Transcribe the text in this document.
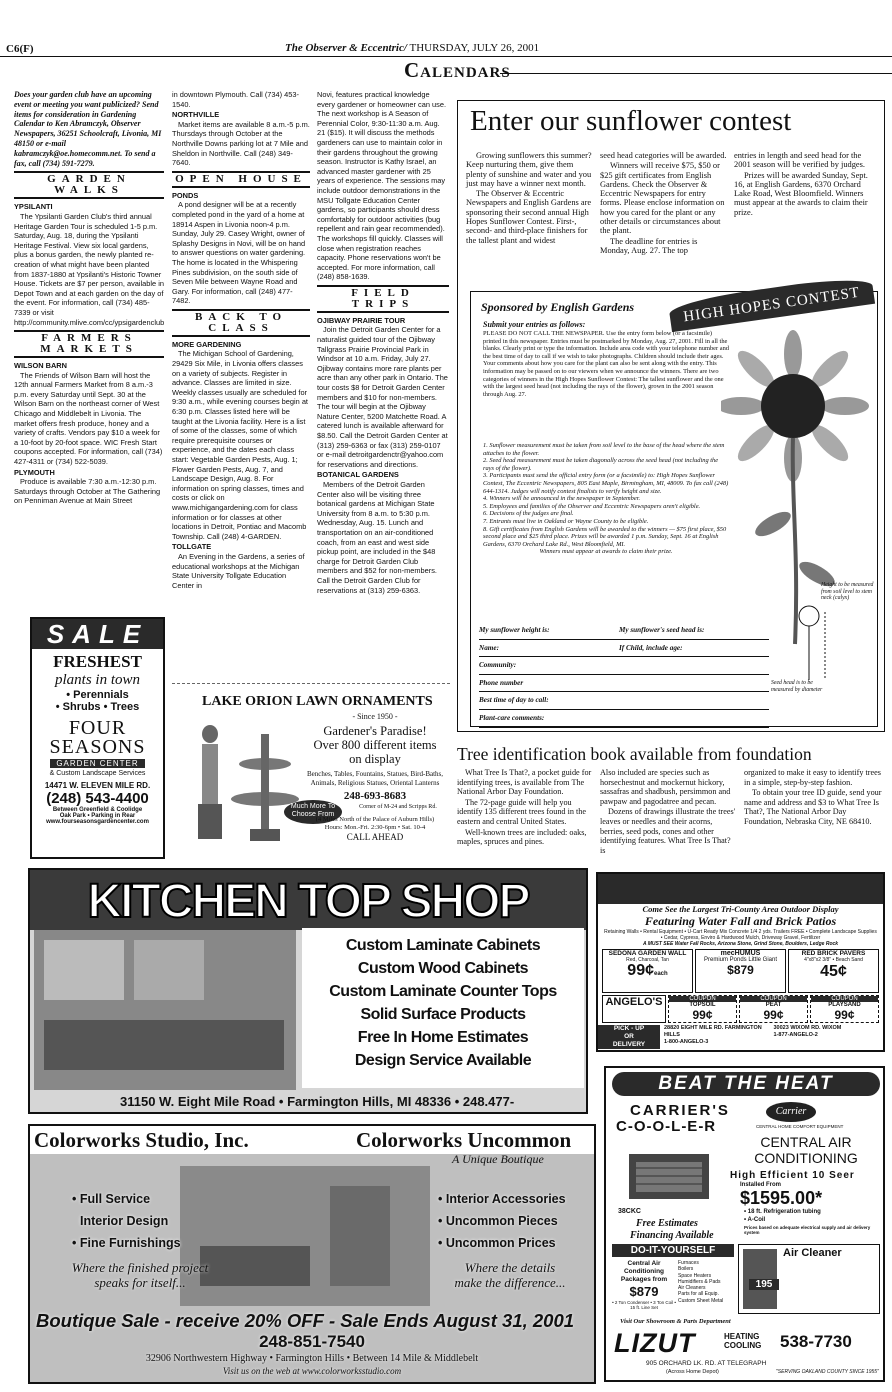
C6(F)	The Observer & Eccentric/ THURSDAY, JULY 26, 2001
Calendars

Does your garden club have an upcoming event or meeting you want publicized? Send items for consideration in Gardening Calendar to Ken Abramczyk, Observer Newspapers, 36251 Schoolcraft, Livonia, MI 48150 or e-mail kabramczyk@oe.homecomm.net. To send a fax, call (734) 591-7279.

GARDEN WALKS
YPSILANTI

The Ypsilanti Garden Club's third annual Heritage Garden Tour is scheduled 1-5 p.m. Saturday, Aug. 18, during the Ypsilanti Heritage Festival. View six local gardens, plus a bonus garden, the newly planted re-creation of what might have been planted from 1837-1880 at Ypsilanti's Historic Towner House. Tickets are $7 per person, available in Depot Town and at each garden on the day of the event. For information, call (734) 485-7339 or visit http://community.mlive.com/cc/ypsigardenclub

FARMERS MARKETS
WILSON BARN

The Friends of Wilson Barn will host the 12th annual Farmers Market from 8 a.m.-3 p.m. every Saturday until Sept. 30 at the Wilson Barn on the northeast corner of West Chicago and Middlebelt in Livonia. The market offers fresh produce, honey and a variety of crafts. Vendors pay $10 a week for a 10-foot by 20-foot space. WIC Fresh Start coupons accepted. For information, call (734) 427-4311 or (734) 522-5039.

PLYMOUTH

Produce is available 7:30 a.m.-12:30 p.m. Saturdays through October at The Gathering on Penniman Avenue at Main Street

SALE
FRESHEST
plants in town
• Perennials
• Shrubs • Trees
FOUR
SEASONS
GARDEN CENTER
& Custom Landscape Services
14471 W. ELEVEN MILE RD.
(248) 543-4400
Between Greenfield & Coolidge
Oak Park • Parking in Rear
www.fourseasonsgardencenter.com

in downtown Plymouth. Call (734) 453-1540.

NORTHVILLE

Market items are available 8 a.m.-5 p.m. Thursdays through October at the Northville Downs parking lot at 7 Mile and Sheldon in Northville. Call (248) 349-7640.

OPEN HOUSE
PONDS

A pond designer will be at a recently completed pond in the yard of a home at 18914 Aspen in Livonia noon-4 p.m. Sunday, July 29. Casey Wright, owner of Splashy Designs in Novi, will be on hand to answer questions on water gardening. The home is located in the Whispering Pines subdivision, on the south side of Seven Mile between Wayne Road and Gary. For information, call (248) 477-7482.

BACK TO CLASS
MORE GARDENING

The Michigan School of Gardening, 29429 Six Mile, in Livonia offers classes on a variety of subjects. Register in advance. Classes are limited in size. Weekly classes usually are scheduled for 9:30 a.m., while evening courses begin at 6:30 p.m. Classes listed here will be taught at the Livonia facility. Here is a list of some of the classes, some of which require prerequisite courses or experience, and the dates each class start: Vegetable Garden Pests, Aug. 1; Flower Garden Pests, Aug. 7, and Landscape Design, Aug. 8. For information on spring classes, times and costs or click on www.michigangardening.com for class information or for classes at other locations in Detroit, Pontiac and Macomb Township. Call (248) 4-GARDEN.

TOLLGATE

An Evening in the Gardens, a series of educational workshops at the Michigan State University Tollgate Education Center in

Novi, features practical knowledge every gardener or homeowner can use. The next workshop is A Season of Perennial Color, 9:30-11:30 a.m. Aug. 21 ($15). It will discuss the methods gardeners can use to maintain color in their gardens throughout the growing season. Instructor is Kathy Israel, an advanced master gardener with 25 years of experience. The sessions may include outdoor demonstrations in the MSU Tollgate Education Center gardens, so participants should dress comfortably for outdoor activities (bug repellent and rain gear recommended). The workshops fill quickly. Classes will close when registration reaches capacity. Phone reservations won't be accepted. For more information, call (248) 858-1639.

FIELD TRIPS
OJIBWAY PRAIRIE TOUR

Join the Detroit Garden Center for a naturalist guided tour of the Ojibway Tallgrass Prairie Provincial Park in Windsor at 10 a.m. Friday, July 27. Ojibway contains more rare plants per acre than any other park in Ontario. The tour costs $8 for Detroit Garden Center members and $10 for non-members. The tour will begin at the Ojibway Nature Center, 5200 Matchette Road. A catered lunch is available afterward for $8.50. Call the Detroit Garden Center at (313) 259-6363 or fax (313) 259-0107 or e-mail detroitgardenctr@yahoo.com for reservations and directions.

BOTANICAL GARDENS

Members of the Detroit Garden Center also will be visiting three botanical gardens at Michigan State University from 8 a.m. to 5:30 p.m. Wednesday, Aug. 15. Lunch and transportation on an air-conditioned coach, from an east and west side pickup point, are included in the $48 charge for Detroit Garden Club members and $52 for non-members. Call the Detroit Garden Club for reservations at (313) 259-6363.

LAKE ORION LAWN ORNAMENTS
- Since 1950 -
Gardener's Paradise!
Over 800 different items
on display
Benches, Tables, Fountains, Statues, Bird-Baths, Animals, Religious Statues, Oriental Lanterns
248-693-8683
Corner of M-24 and Scripps Rd.
Much More To Choose From
(4 Miles North of the Palace of Auburn Hills)
Hours: Mon.-Fri. 2:30-6pm • Sat. 10-4
CALL AHEAD
Enter our sunflower contest

Growing sunflowers this summer? Keep nurturing them, give them plenty of sunshine and water and you just may have a winner next month.

The Observer & Eccentric Newspapers and English Gardens are sponsoring their second annual High Hopes Sunflower Contest. First-, second- and third-place finishers for the tallest plant and widest

seed head categories will be awarded.

Winners will receive $75, $50 or $25 gift certificates from English Gardens. Check the Observer & Eccentric Newspapers for entry forms. Please enclose information on how you cared for the plant or any other details or circumstances about the plant.

The deadline for entries is Monday, Aug. 27. The top

entries in length and seed head for the 2001 season will be verified by judges.

Prizes will be awarded Sunday, Sept. 16, at English Gardens, 6370 Orchard Lake Road, West Bloomfield. Winners must appear at the awards to claim their prize.

Sponsored by English Gardens	HIGH HOPES CONTEST
Submit your entries as follows:
PLEASE DO NOT CALL THE NEWSPAPER. Use the entry form below (or a facsimile) printed in this newspaper. Entries must be postmarked by Monday, Aug. 27, 2001. Fill in all the blanks. Clearly print or type the information. Include area code with your telephone number and the best time of day to call if we wish to take photographs. Children should include their ages. Your comments about how you care for the plant can also be sent along with the entry. This information may be passed on to our viewers when we announce the winners. There are two categories of winners in the High Hopes Sunflower Contest: The tallest sunflower and the one with the largest seed head (not including the rays of the flower), grown in the 2001 season through Aug. 27.

1. Sunflower measurement must be taken from soil level to the base of the head where the stem attaches to the flower.

2. Seed head measurement must be taken diagonally across the seed head (not including the rays of the flower).

3. Participants must send the official entry form (or a facsimile) to: High Hopes Sunflower Contest, The Eccentric Newspapers, 805 East Maple, Birmingham, MI, 48009. To fax call (248) 644-1314. Judges will notify contest finalists to verify height and size.

4. Winners will be announced in the newspaper in September.

5. Employees and families of the Observer and Eccentric Newspapers aren't eligible.

6. Decisions of the judges are final.

7. Entrants must live in Oakland or Wayne County to be eligible.

8. Gift certificates from English Gardens will be awarded to the winners — $75 first place, $50 second place and $25 third place. Prizes will be awarded 1 p.m. Sunday, Sept. 16 at English Gardens, 6370 Orchard Lake Rd., West Bloomfield, MI.

Winners must appear at awards to claim their prize.

My sunflower height is:	My sunflower's seed head is:
Name:	If Child, include age:
Community:
Phone number
Best time of day to call:
Plant-care comments:
Height to be measured from soil level to stem neck (calyx)
Seed head is to be measured by diameter
Tree identification book available from foundation

What Tree Is That?, a pocket guide for identifying trees, is available from The National Arbor Day Foundation.

The 72-page guide will help you identify 135 different trees found in the eastern and central United States.

Well-known trees are included: oaks, maples, spruces and pines.

Also included are species such as horsechestnut and mockernut hickory, sassafras and shadbush, persimmon and pawpaw and pagodatree and pecan.

Dozens of drawings illustrate the trees' leaves or needles and their acorns, berries, seed pods, cones and other identifying features. What Tree Is That? is

organized to make it easy to identify trees in a simple, step-by-step fashion.

To obtain your tree ID guide, send your name and address and $3 to What Tree Is That?, The National Arbor Day Foundation, Nebraska City, NE 68410.

KITCHEN TOP SHOP
Custom Laminate Cabinets
Custom Wood Cabinets
Custom Laminate Counter Tops
Solid Surface Products
Free In Home Estimates
Design Service Available
31150 W. Eight Mile Road • Farmington Hills, MI 48336 • 248.477-
Come See the Largest Tri-County Area Outdoor Display
Featuring Water Fall and Brick Patios
Retaining Walls • Rental Equipment • U-Cart Ready Mix Concrete 1/4 2 yds. Trailers FREE • Complete Landscape Supplies • Cedar, Cypress, Enviro & Hardwood Mulch, Driveway Gravel, Fertilizer
A MUST SEE Water Fall Rocks, Arizona Stone, Grind Stone, Boulders, Ledge Rock
SEDONA GARDEN WALL
Red, Charcoal, Tan
99¢each
mecHUMUS
Premium Ponds Little Giant
$879
RED BRICK PAVERS
4"x8"x2 3/8" • Beach Sand
45¢
ANGELO'S	COUPON
TOPSOIL
99¢
COUPON
PEAT
99¢
COUPON
PLAYSAND
99¢
PICK - UP
OR
DELIVERY
28820 EIGHT MILE RD. FARMINGTON HILLS
1-800-ANGELO-3
30023 WIXOM RD. WIXOM
1-877-ANGELO-2
BEAT THE HEAT
CARRIER'S
C-O-O-L-E-R
Carrier
CENTRAL HOME COMFORT EQUIPMENT
CENTRAL AIR CONDITIONING
High Efficient 10 Seer
Installed From
$1595.00*
• 18 ft. Refrigeration tubing
• A-Coil
Prices based on adequate electrical supply and air delivery system
38CKC
Free Estimates
Financing Available
DO-IT-YOURSELF
Central Air Conditioning Packages from
$879
• 2 Ton Condenser • 3 Ton Coil • 15 ft. Line Set
Furnaces
Boilers
Space Heaters
Humidifiers & Pads
Air Cleaners
Parts for all Equip.
Custom Sheet Metal
Air Cleaner
195
Visit Our Showroom & Parts Department
LIZUT	HEATING COOLING	538-7730
905 ORCHARD LK. RD. AT TELEGRAPH
(Across Home Depot)	"SERVING OAKLAND COUNTY SINCE 1955"
Colorworks Studio, Inc.	Colorworks Uncommon
A Unique Boutique
• Full Service
Interior Design
• Fine Furnishings
• Interior Accessories
• Uncommon Pieces
• Uncommon Prices
Where the finished project speaks for itself...
Where the details make the difference...
Boutique Sale - receive 20% OFF - Sale Ends August 31, 2001
248-851-7540
32906 Northwestern Highway • Farmington Hills • Between 14 Mile & Middlebelt
Visit us on the web at www.colorworksstudio.com
